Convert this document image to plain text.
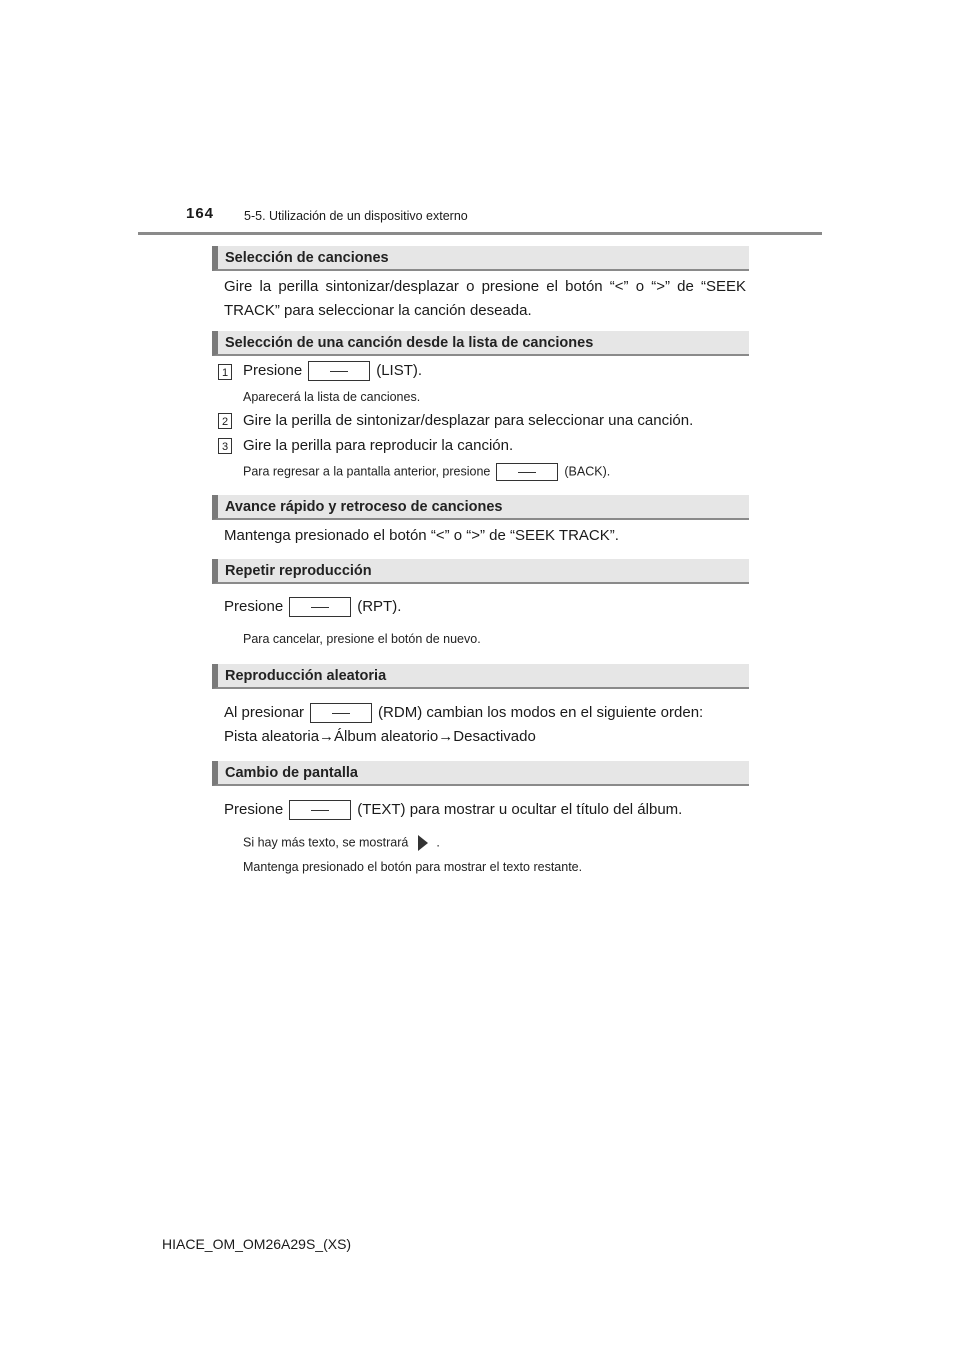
164 5-5. Utilización de un dispositivo externo
Selección de canciones
Gire la perilla sintonizar/desplazar o presione el botón “<” o “>” de “SEEK TRACK” para seleccionar la canción deseada.
Selección de una canción desde la lista de canciones
1 Presione	(LIST).
Aparecerá la lista de canciones.
2 Gire la perilla de sintonizar/desplazar para seleccionar una canción.
3 Gire la perilla para reproducir la canción.
Para regresar a la pantalla anterior, presione	(BACK).
Avance rápido y retroceso de canciones
Mantenga presionado el botón “<” o “>” de “SEEK TRACK”.
Repetir reproducción
Presione	(RPT).
Para cancelar, presione el botón de nuevo.
Reproducción aleatoria
Al presionar	(RDM) cambian los modos en el siguiente orden:
Pista aleatoria→Álbum aleatorio→Desactivado
Cambio de pantalla
Presione	(TEXT) para mostrar u ocultar el título del álbum.
Si hay más texto, se mostrará .
Mantenga presionado el botón para mostrar el texto restante.
HIACE_OM_OM26A29S_(XS)
